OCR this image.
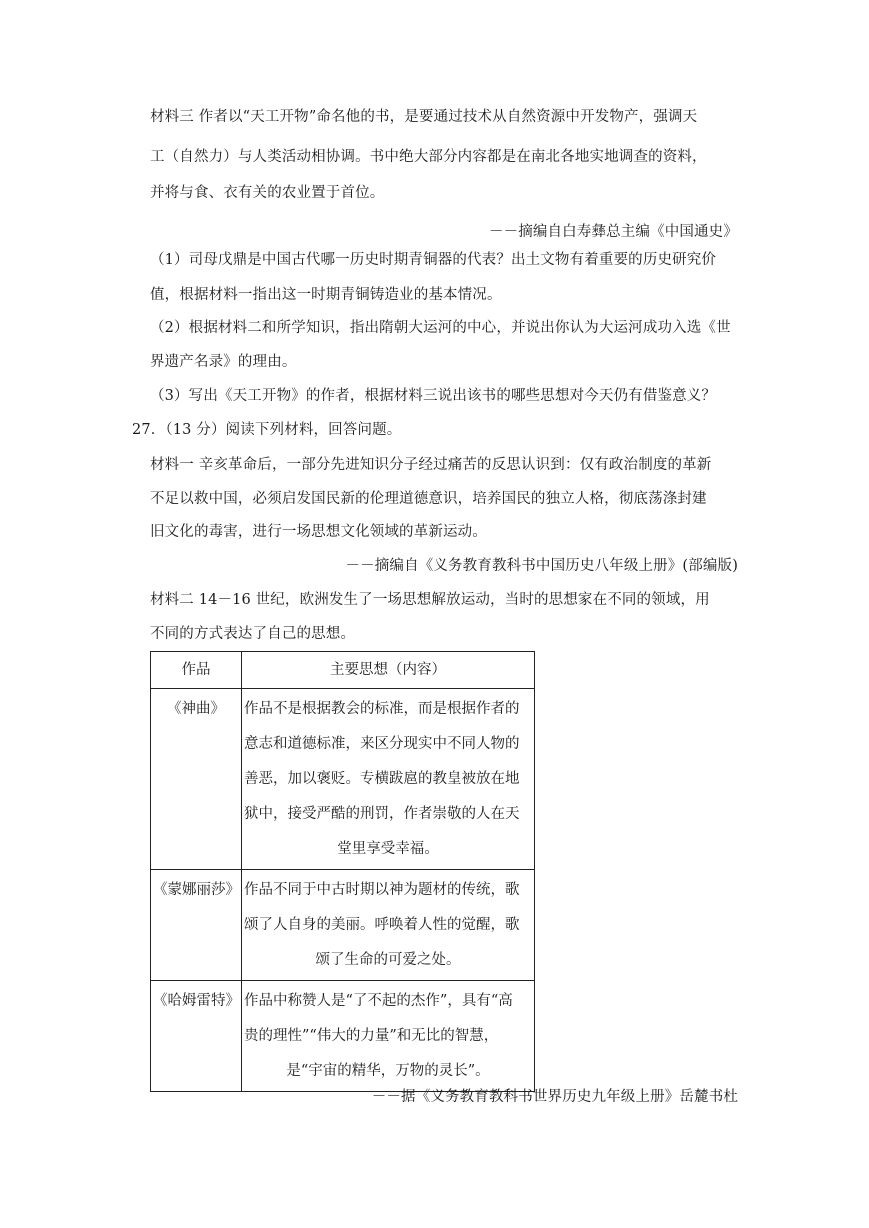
材料三 作者以“天工开物”命名他的书，是要通过技术从自然资源中开发物产，强调天
工（自然力）与人类活动相协调。书中绝大部分内容都是在南北各地实地调查的资料，
并将与食、衣有关的农业置于首位。
－－摘编自白寿彝总主编《中国通史》
（1）司母戊鼎是中国古代哪一历史时期青铜器的代表？出土文物有着重要的历史研究价
值，根据材料一指出这一时期青铜铸造业的基本情况。
（2）根据材料二和所学知识，指出隋朝大运河的中心，并说出你认为大运河成功入选《世
界遗产名录》的理由。
（3）写出《天工开物》的作者，根据材料三说出该书的哪些思想对今天仍有借鉴意义？
27．（13 分）阅读下列材料，回答问题。
材料一 辛亥革命后，一部分先进知识分子经过痛苦的反思认识到：仅有政治制度的革新
不足以救中国，必须启发国民新的伦理道德意识，培养国民的独立人格，彻底荡涤封建
旧文化的毒害，进行一场思想文化领域的革新运动。
－－摘编自《义务教育教科书中国历史八年级上册》(部编版)
材料二 14－16 世纪，欧洲发生了一场思想解放运动，当时的思想家在不同的领域，用
不同的方式表达了自己的思想。
作品	主要思想（内容）
《神曲》	作品不是根据教会的标准，而是根据作者的
意志和道德标准，来区分现实中不同人物的
善恶，加以褒贬。专横跋扈的教皇被放在地
狱中，接受严酷的刑罚，作者崇敬的人在天
堂里享受幸福。

《蒙娜丽莎》	作品不同于中古时期以神为题材的传统，歌
颂了人自身的美丽。呼唤着人性的觉醒，歌
颂了生命的可爱之处。

《哈姆雷特》	作品中称赞人是“了不起的杰作”，具有“高
贵的理性”“伟大的力量”和无比的智慧，
是“宇宙的精华，万物的灵长”。
－－据《义务教育教科书世界历史九年级上册》岳麓书杜
